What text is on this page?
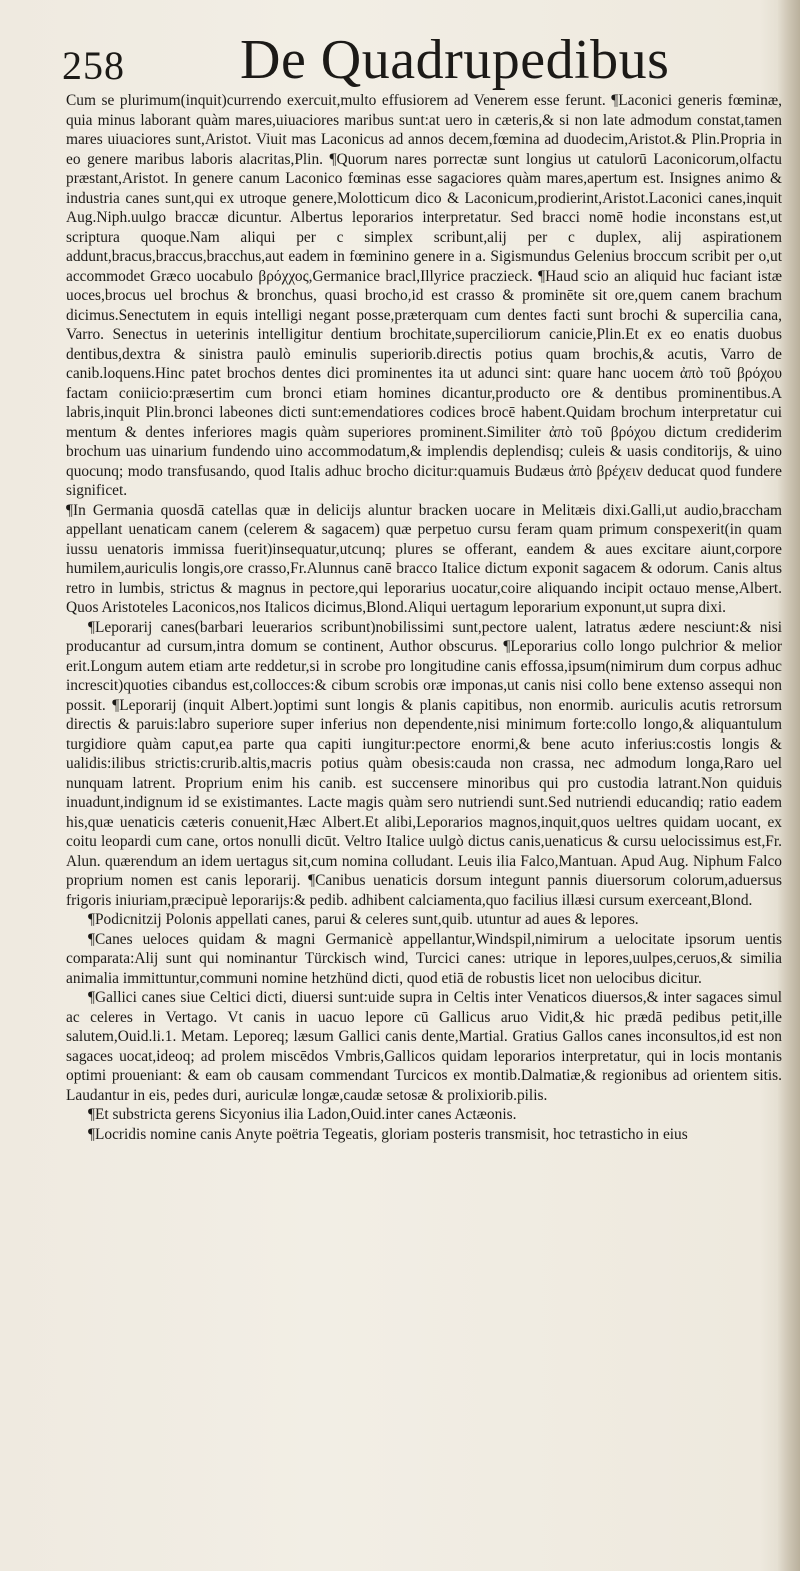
258 De Quadrupedibus

Cum se plurimum(inquit)currendo exercuit,multo effusiorem ad Venerem esse ferunt. ¶Laconici generis fœminæ, quia minus laborant quàm mares,uiuaciores maribus sunt:at uero in cæteris,& si non late admodum constat,tamen mares uiuaciores sunt,Aristot. Viuit mas Laconicus ad annos decem,fœmina ad duodecim,Aristot.& Plin.Propria in eo genere maribus laboris alacritas,Plin. ¶Quorum nares porrectæ sunt longius ut catulorū Laconicorum,olfactu præstant,Aristot. In genere canum Laconico fœminas esse sagaciores quàm mares,apertum est. Insignes animo & industria canes sunt,qui ex utroque genere,Molotticum dico & Laconicum,prodierint,Aristot.Laconici canes,inquit Aug.Niph.uulgo braccæ dicuntur. Albertus leporarios interpretatur. Sed bracci nomē hodie inconstans est,ut scriptura quoque.Nam aliqui per c simplex scribunt,alij per c duplex, alij aspirationem addunt,bracus,braccus,bracchus,aut eadem in fœminino genere in a. Sigismundus Gelenius broccum scribit per o,ut accommodet Græco uocabulo βρόχχος,Germanice bracl,Illyrice praczieck. ¶Haud scio an aliquid huc faciant istæ uoces,brocus uel brochus & bronchus, quasi brocho,id est crasso & prominēte sit ore,quem canem brachum dicimus.Senectutem in equis intelligi negant posse,præterquam cum dentes facti sunt brochi & supercilia cana, Varro. Senectus in ueterinis intelligitur dentium brochitate,superciliorum canicie,Plin.Et ex eo enatis duobus dentibus,dextra & sinistra paulò eminulis superiorib.directis potius quam brochis,& acutis, Varro de canib.loquens.Hinc patet brochos dentes dici prominentes ita ut adunci sint: quare hanc uocem ἀπὸ τοῦ βρόχου factam coniicio:præsertim cum bronci etiam homines dicantur,producto ore & dentibus prominentibus.A labris,inquit Plin.bronci labeones dicti sunt:emendatiores codices brocē habent.Quidam brochum interpretatur cui mentum & dentes inferiores magis quàm superiores prominent.Similiter ἀπὸ τοῦ βρόχου dictum crediderim brochum uas uinarium fundendo uino accommodatum,& implendis deplendisq; culeis & uasis conditorijs, & uino quocunq; modo transfusando, quod Italis adhuc brocho dicitur:quamuis Budæus ἀπὸ βρέχειν deducat quod fundere significet.

¶In Germania quosdā catellas quæ in delicijs aluntur bracken uocare in Melitæis dixi.Galli,ut audio,braccham appellant uenaticam canem (celerem & sagacem) quæ perpetuo cursu feram quam primum conspexerit(in quam iussu uenatoris immissa fuerit)insequatur,utcunq; plures se offerant, eandem & aues excitare aiunt,corpore humilem,auriculis longis,ore crasso,Fr.Alunnus canē bracco Italice dictum exponit sagacem & odorum. Canis altus retro in lumbis, strictus & magnus in pectore,qui leporarius uocatur,coire aliquando incipit octauo mense,Albert. Quos Aristoteles Laconicos,nos Italicos dicimus,Blond.Aliqui uertagum leporarium exponunt,ut supra dixi.

¶Leporarij canes(barbari leuerarios scribunt)nobilissimi sunt,pectore ualent, latratus ædere nesciunt:& nisi producantur ad cursum,intra domum se continent, Author obscurus. ¶Leporarius collo longo pulchrior & melior erit.Longum autem etiam arte reddetur,si in scrobe pro longitudine canis effossa,ipsum(nimirum dum corpus adhuc increscit)quoties cibandus est,collocces:& cibum scrobis oræ imponas,ut canis nisi collo bene extenso assequi non possit. ¶Leporarij (inquit Albert.)optimi sunt longis & planis capitibus, non enormib. auriculis acutis retrorsum directis & paruis:labro superiore super inferius non dependente,nisi minimum forte:collo longo,& aliquantulum turgidiore quàm caput,ea parte qua capiti iungitur:pectore enormi,& bene acuto inferius:costis longis & ualidis:ilibus strictis:crurib.altis,macris potius quàm obesis:cauda non crassa, nec admodum longa,Raro uel nunquam latrent. Proprium enim his canib. est succensere minoribus qui pro custodia latrant.Non quiduis inuadunt,indignum id se existimantes. Lacte magis quàm sero nutriendi sunt.Sed nutriendi educandiq; ratio eadem his,quæ uenaticis cæteris conuenit,Hæc Albert.Et alibi,Leporarios magnos,inquit,quos ueltres quidam uocant, ex coitu leopardi cum cane, ortos nonulli dicūt. Veltro Italice uulgò dictus canis,uenaticus & cursu uelocissimus est,Fr. Alun. quærendum an idem uertagus sit,cum nomina colludant. Leuis ilia Falco,Mantuan. Apud Aug. Niphum Falco proprium nomen est canis leporarij. ¶Canibus uenaticis dorsum integunt pannis diuersorum colorum,aduersus frigoris iniuriam,præcipuè leporarijs:& pedib. adhibent calciamenta,quo facilius illæsi cursum exerceant,Blond.

¶Podicnitzij Polonis appellati canes, parui & celeres sunt,quib. utuntur ad aues & lepores.

¶Canes ueloces quidam & magni Germanicè appellantur,Windspil,nimirum a uelocitate ipsorum uentis comparata:Alij sunt qui nominantur Türckisch wind, Turcici canes: utrique in lepores,uulpes,ceruos,& similia animalia immittuntur,communi nomine hetzhünd dicti, quod etiā de robustis licet non uelocibus dicitur.

¶Gallici canes siue Celtici dicti, diuersi sunt:uide supra in Celtis inter Venaticos diuersos,& inter sagaces simul ac celeres in Vertago. Vt canis in uacuo lepore cū Gallicus aruo Vidit,& hic prædā pedibus petit,ille salutem,Ouid.li.1. Metam. Leporeq; læsum Gallici canis dente,Martial. Gratius Gallos canes inconsultos,id est non sagaces uocat,ideoq; ad prolem miscēdos Vmbris,Gallicos quidam leporarios interpretatur, qui in locis montanis optimi proueniant: & eam ob causam commendant Turcicos ex montib.Dalmatiæ,& regionibus ad orientem sitis. Laudantur in eis, pedes duri, auriculæ longæ,caudæ setosæ & prolixiorib.pilis.

¶Et substricta gerens Sicyonius ilia Ladon,Ouid.inter canes Actæonis.

¶Locridis nomine canis Anyte poëtria Tegeatis, gloriam posteris transmisit, hoc tetrasticho in eius
